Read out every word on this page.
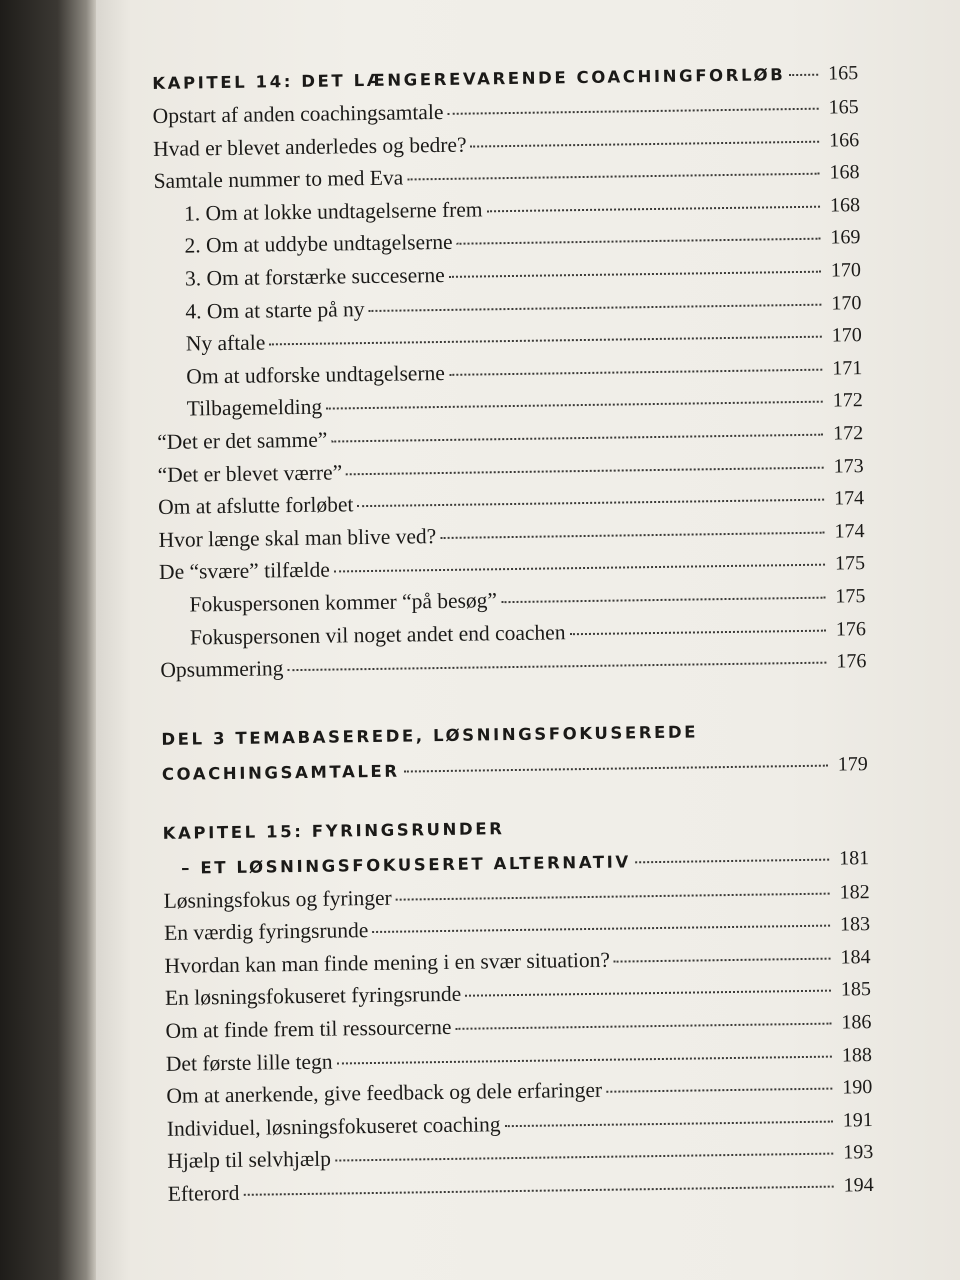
KAPITEL 14: DET LÆNGEREVARENDE COACHINGFORLØB	165
Opstart af anden coachingsamtale	165
Hvad er blevet anderledes og bedre?	166
Samtale nummer to med Eva	168
1. Om at lokke undtagelserne frem	168
2. Om at uddybe undtagelserne	169
3. Om at forstærke succeserne	170
4. Om at starte på ny	170
Ny aftale	170
Om at udforske undtagelserne	171
Tilbagemelding	172
“Det er det samme”	172
“Det er blevet værre”	173
Om at afslutte forløbet	174
Hvor længe skal man blive ved?	174
De “svære” tilfælde	175
Fokuspersonen kommer “på besøg”	175
Fokuspersonen vil noget andet end coachen	176
Opsummering	176
DEL 3 TEMABASEREDE, LØSNINGSFOKUSEREDE
COACHINGSAMTALER	179
KAPITEL 15: FYRINGSRUNDER
– ET LØSNINGSFOKUSERET ALTERNATIV	181
Løsningsfokus og fyringer	182
En værdig fyringsrunde	183
Hvordan kan man finde mening i en svær situation?	184
En løsningsfokuseret fyringsrunde	185
Om at finde frem til ressourcerne	186
Det første lille tegn	188
Om at anerkende, give feedback og dele erfaringer	190
Individuel, løsningsfokuseret coaching	191
Hjælp til selvhjælp	193
Efterord	194
